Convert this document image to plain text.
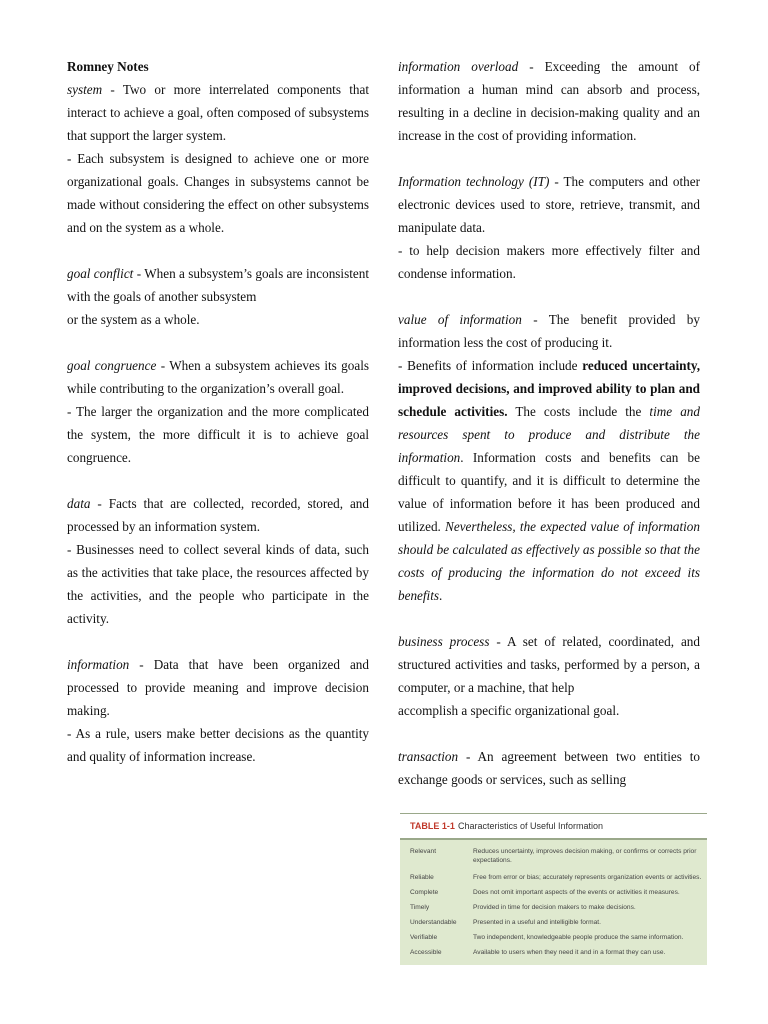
Romney Notes

system - Two or more interrelated components that interact to achieve a goal, often composed of subsystems that support the larger system.

- Each subsystem is designed to achieve one or more organizational goals. Changes in subsystems cannot be made without considering the effect on other subsystems and on the system as a whole.

goal conflict - When a subsystem’s goals are inconsistent with the goals of another subsystem

or the system as a whole.

goal congruence - When a subsystem achieves its goals while contributing to the organization’s overall goal.

- The larger the organization and the more complicated the system, the more difficult it is to achieve goal congruence.

data - Facts that are collected, recorded, stored, and processed by an information system.

- Businesses need to collect several kinds of data, such as the activities that take place, the resources affected by the activities, and the people who participate in the activity.

information - Data that have been organized and processed to provide meaning and improve decision making.

- As a rule, users make better decisions as the quantity and quality of information increase.

information overload - Exceeding the amount of information a human mind can absorb and process, resulting in a decline in decision-making quality and an increase in the cost of providing information.

Information technology (IT) - The computers and other electronic devices used to store, retrieve, transmit, and manipulate data.

- to help decision makers more effectively filter and condense information.

value of information - The benefit provided by information less the cost of producing it.

- Benefits of information include reduced uncertainty, improved decisions, and improved ability to plan and schedule activities. The costs include the time and resources spent to produce and distribute the information. Information costs and benefits can be difficult to quantify, and it is difficult to determine the value of information before it has been produced and utilized. Nevertheless, the expected value of information should be calculated as effectively as possible so that the costs of producing the information do not exceed its benefits.

business process - A set of related, coordinated, and structured activities and tasks, performed by a person, a computer, or a machine, that help

accomplish a specific organizational goal.

transaction - An agreement between two entities to exchange goods or services, such as selling

TABLE 1-1 Characteristics of Useful Information
Relevant	Reduces uncertainty, improves decision making, or confirms or corrects prior expectations.
Reliable	Free from error or bias; accurately represents organization events or activities.
Complete	Does not omit important aspects of the events or activities it measures.
Timely	Provided in time for decision makers to make decisions.
Understandable	Presented in a useful and intelligible format.
Verifiable	Two independent, knowledgeable people produce the same information.
Accessible	Available to users when they need it and in a format they can use.
